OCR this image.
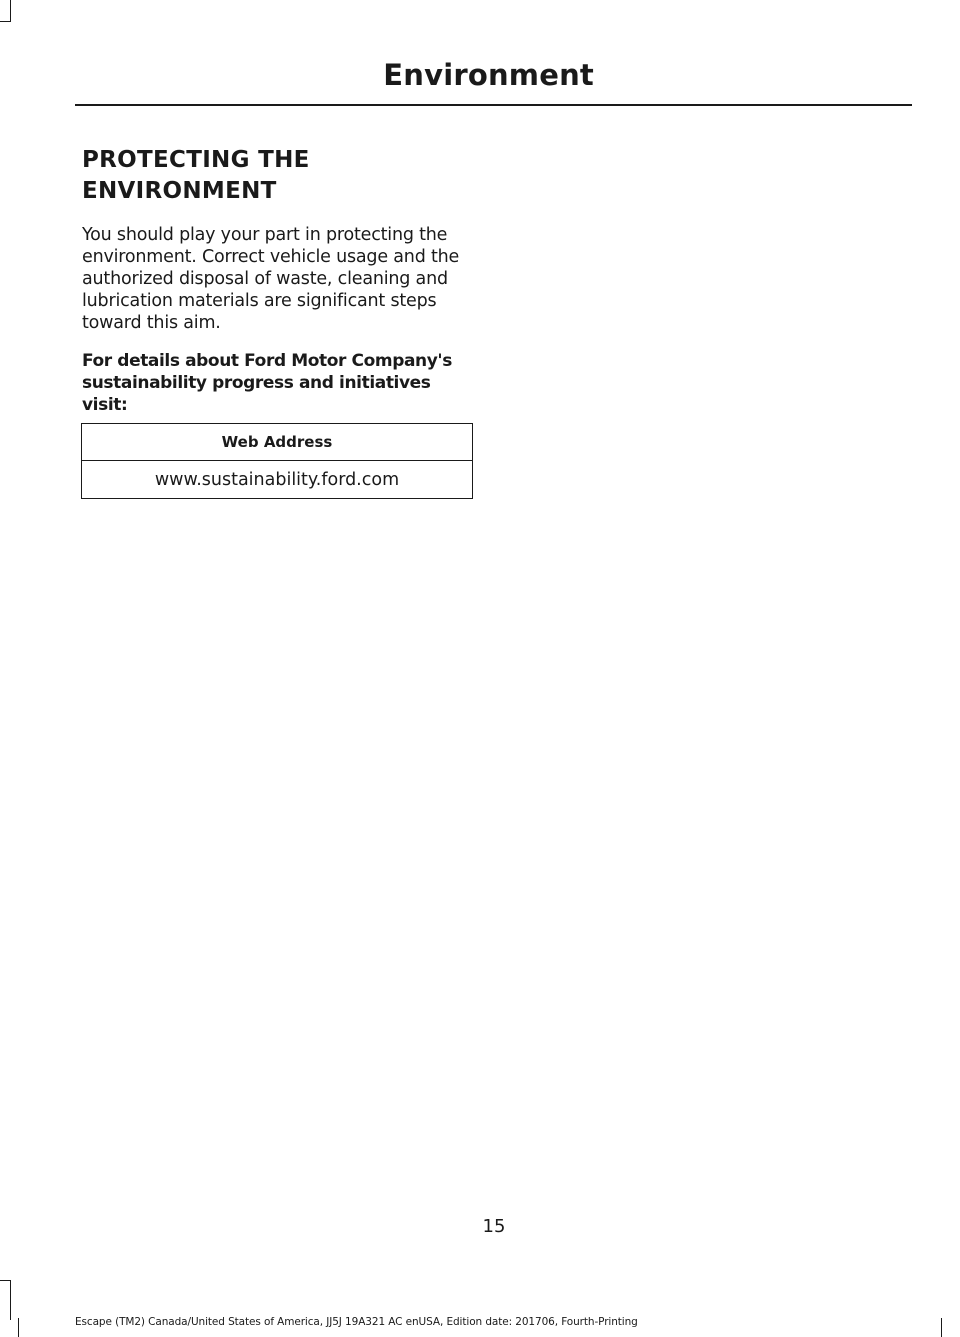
Environment
PROTECTING THE
ENVIRONMENT

You should play your part in protecting the environment. Correct vehicle usage and the authorized disposal of waste, cleaning and lubrication materials are significant steps toward this aim.

For details about Ford Motor Company's sustainability progress and initiatives visit:

Web Address
www.sustainability.ford.com

15

Escape (TM2) Canada/United States of America, JJ5J 19A321 AC enUSA, Edition date: 201706, Fourth-Printing
